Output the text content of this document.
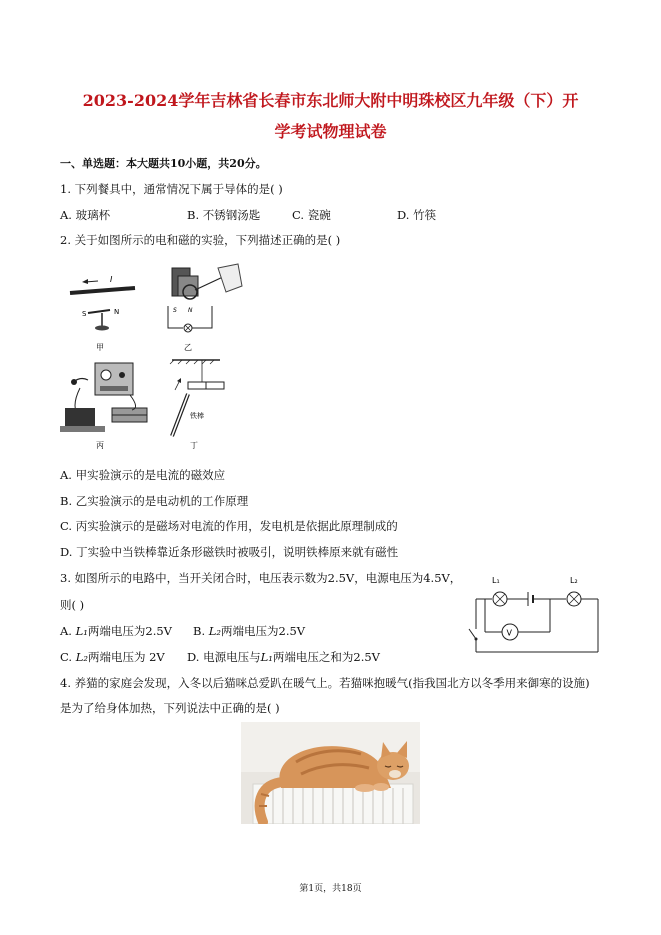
2023-2024学年吉林省长春市东北师大附中明珠校区九年级（下）开
学考试物理试卷
一、单选题：本大题共10小题，共20分。
1. 下列餐具中，通常情况下属于导体的是( )
A. 玻璃杯	B. 不锈钢汤匙	C. 瓷碗	D. 竹筷
2. 关于如图所示的电和磁的实验，下列描述正确的是( )
I
S	N
甲
S N
乙
丙
铁棒
丁
A. 甲实验演示的是电流的磁效应
B. 乙实验演示的是电动机的工作原理
C. 丙实验演示的是磁场对电流的作用，发电机是依据此原理制成的
D. 丁实验中当铁棒靠近条形磁铁时被吸引，说明铁棒原来就有磁性
3. 如图所示的电路中，当开关闭合时，电压表示数为2.5V，电源电压为4.5V，
则( )
A. L₁两端电压为2.5V B. L₂两端电压为2.5V
C. L₂两端电压为 2V D. 电源电压与L₁两端电压之和为2.5V
L₁	L₂
V
4. 养猫的家庭会发现，入冬以后猫咪总爱趴在暖气上。若猫咪抱暖气(指我国北方以冬季用来御寒的设施)
是为了给身体加热，下列说法中正确的是( )
第1页，共18页
